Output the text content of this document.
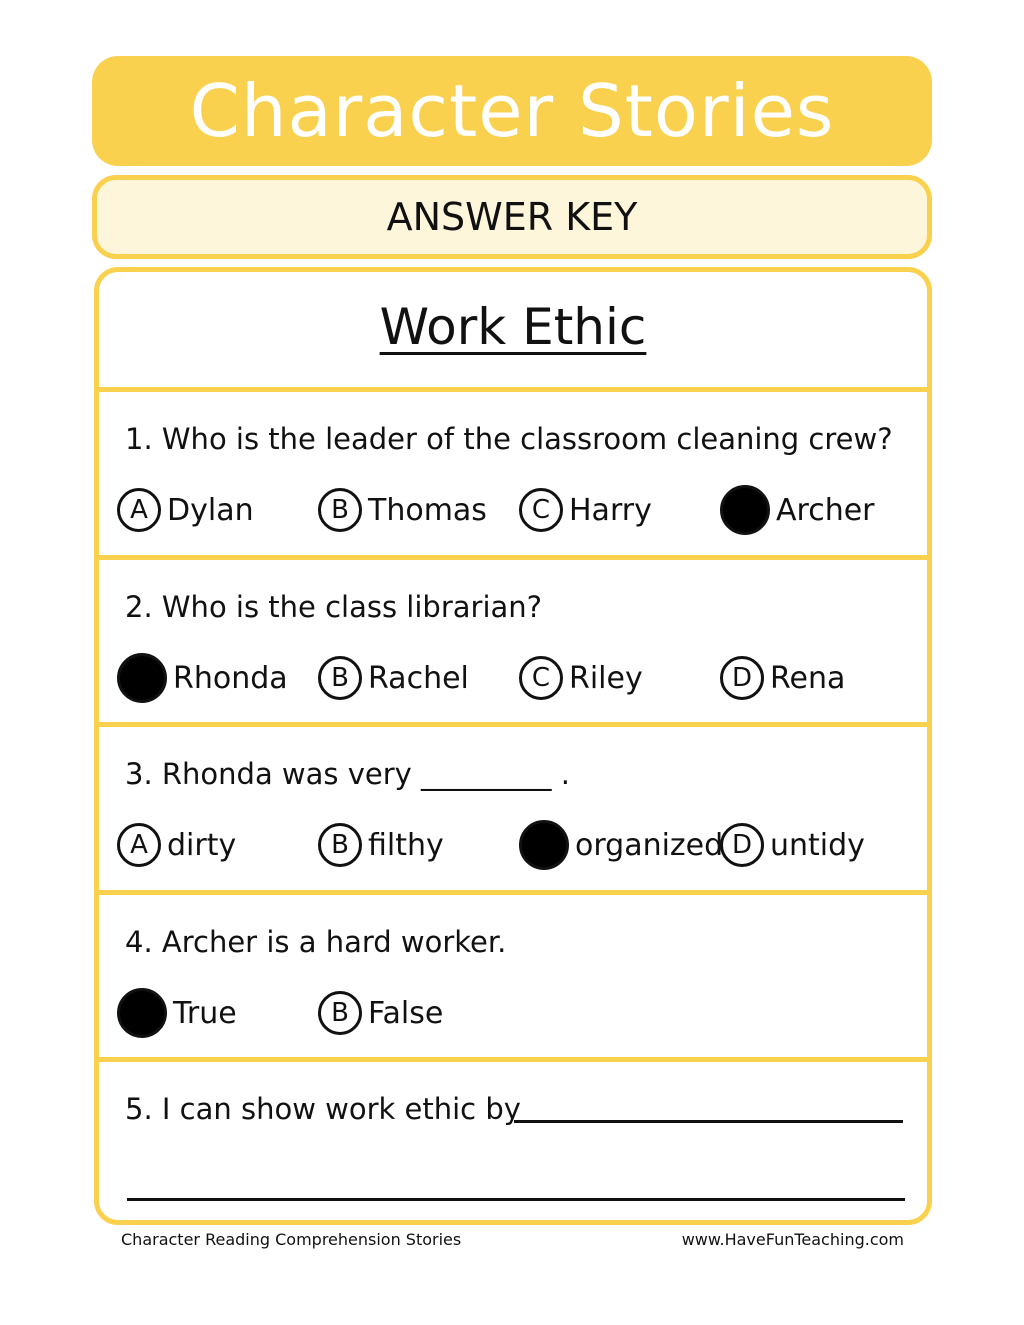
Character Stories
ANSWER KEY
Work Ethic
1. Who is the leader of the classroom cleaning crew?
A Dylan	B Thomas	C Harry	Archer
2. Who is the class librarian?
Rhonda	B Rachel	C Riley	D Rena
3. Rhonda was very _________ .
A dirty	B filthy	organized D untidy
4. Archer is a hard worker.
True	B False
5. I can show work ethic by
Character Reading Comprehension Stories	www.HaveFunTeaching.com
